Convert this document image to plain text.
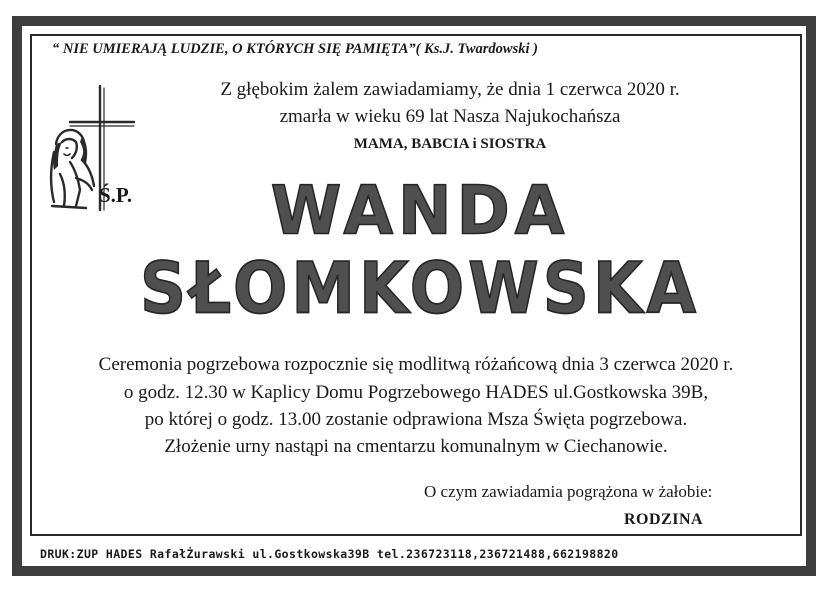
“ NIE UMIERAJĄ LUDZIE, O KTÓRYCH SIĘ PAMIĘTA”( Ks.J. Twardowski )
Z głębokim żalem zawiadamiamy, że dnia 1 czerwca 2020 r.
zmarła w wieku 69 lat Nasza Najukochańsza
MAMA, BABCIA i SIOSTRA
Ś.P.	WANDA
SŁOMKOWSKA
Ceremonia pogrzebowa rozpocznie się modlitwą różańcową dnia 3 czerwca 2020 r.
o godz. 12.30 w Kaplicy Domu Pogrzebowego HADES ul.Gostkowska 39B,
po której o godz. 13.00 zostanie odprawiona Msza Święta pogrzebowa.
Złożenie urny nastąpi na cmentarzu komunalnym w Ciechanowie.
O czym zawiadamia pogrążona w żałobie:
RODZINA
DRUK:ZUP HADES RafałŻurawski ul.Gostkowska39B tel.236723118,236721488,662198820
